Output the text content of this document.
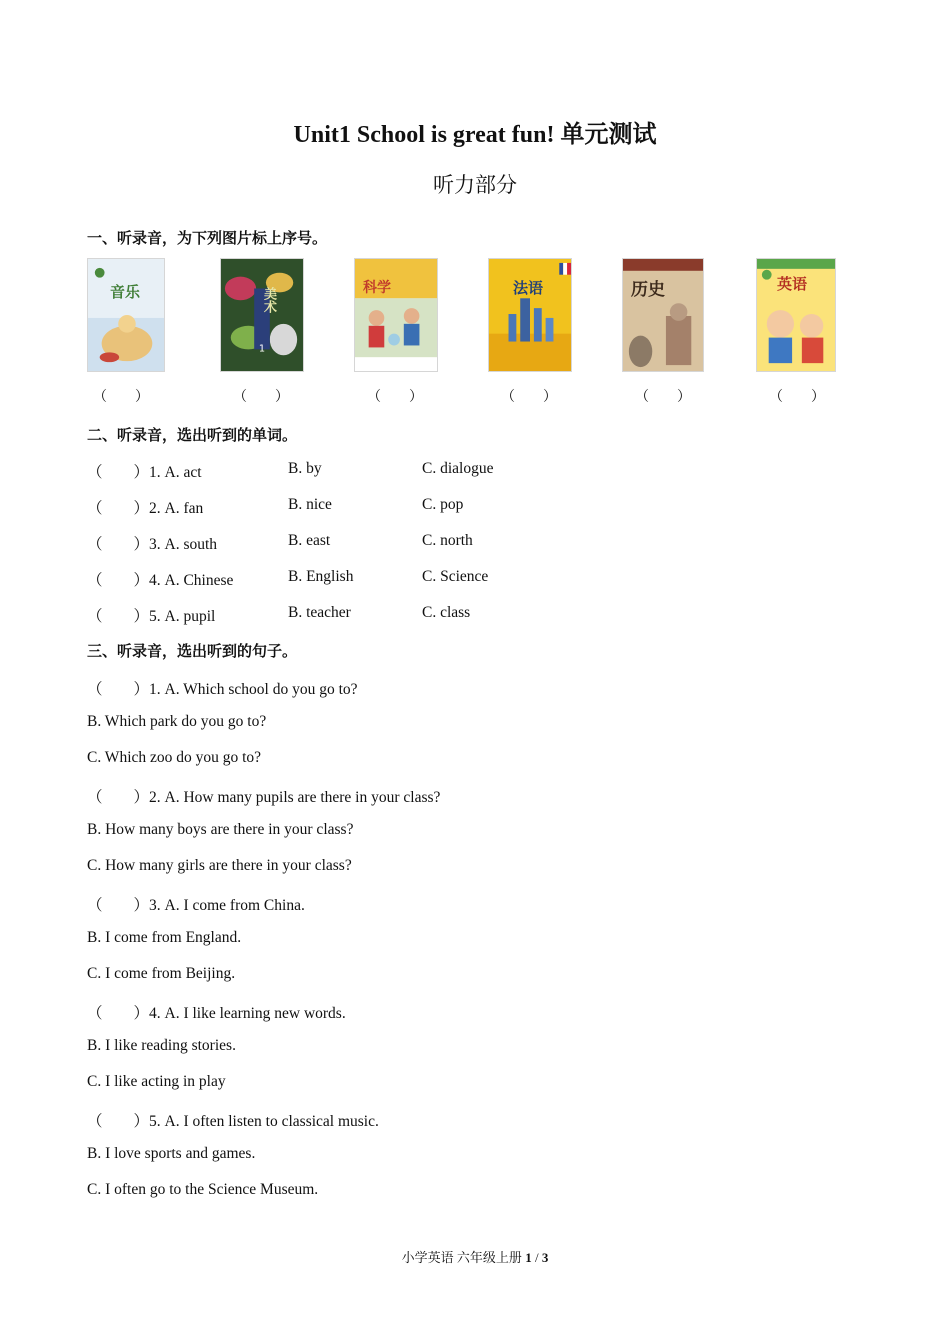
Unit1 School is great fun! 单元测试
听力部分
一、听录音，为下列图片标上序号。
音乐
1
美术	科学	法语	历史	英语
（　　）	（　　）	（　　）	（　　）	（　　）	（　　）
二、听录音，选出听到的单词。
（　　）1. A. act	B. by	C. dialogue
（　　）2. A. fan	B. nice	C. pop
（　　）3. A. south	B. east	C. north
（　　）4. A. Chinese	B. English	C. Science
（　　）5. A. pupil	B. teacher	C. class
三、听录音，选出听到的句子。
（　　）1. A. Which school do you go to?
B. Which park do you go to?
C. Which zoo do you go to?
（　　）2. A. How many pupils are there in your class?
B. How many boys are there in your class?
C. How many girls are there in your class?
（　　）3. A. I come from China.
B. I come from England.
C. I come from Beijing.
（　　）4. A. I like learning new words.
B. I like reading stories.
C. I like acting in play
（　　）5. A. I often listen to classical music.
B. I love sports and games.
C. I often go to the Science Museum.
小学英语 六年级上册 1 / 3
